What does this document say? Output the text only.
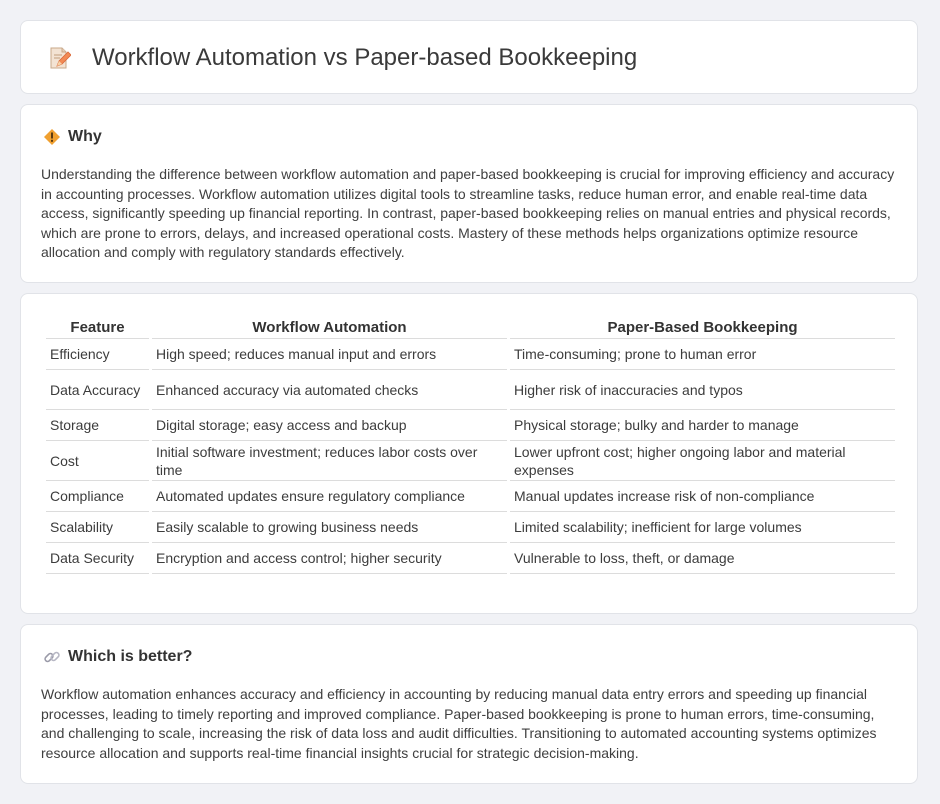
Workflow Automation vs Paper-based Bookkeeping
Why

Understanding the difference between workflow automation and paper-based bookkeeping is crucial for improving efficiency and accuracy in accounting processes. Workflow automation utilizes digital tools to streamline tasks, reduce human error, and enable real-time data access, significantly speeding up financial reporting. In contrast, paper-based bookkeeping relies on manual entries and physical records, which are prone to errors, delays, and increased operational costs. Mastery of these methods helps organizations optimize resource allocation and comply with regulatory standards effectively.

Feature	Workflow Automation	Paper-Based Bookkeeping
Efficiency	High speed; reduces manual input and errors	Time-consuming; prone to human error
Data Accuracy	Enhanced accuracy via automated checks	Higher risk of inaccuracies and typos
Storage	Digital storage; easy access and backup	Physical storage; bulky and harder to manage
Cost	Initial software investment; reduces labor costs over time	Lower upfront cost; higher ongoing labor and material expenses
Compliance	Automated updates ensure regulatory compliance	Manual updates increase risk of non-compliance
Scalability	Easily scalable to growing business needs	Limited scalability; inefficient for large volumes
Data Security	Encryption and access control; higher security	Vulnerable to loss, theft, or damage
Which is better?

Workflow automation enhances accuracy and efficiency in accounting by reducing manual data entry errors and speeding up financial processes, leading to timely reporting and improved compliance. Paper-based bookkeeping is prone to human errors, time-consuming, and challenging to scale, increasing the risk of data loss and audit difficulties. Transitioning to automated accounting systems optimizes resource allocation and supports real-time financial insights crucial for strategic decision-making.
